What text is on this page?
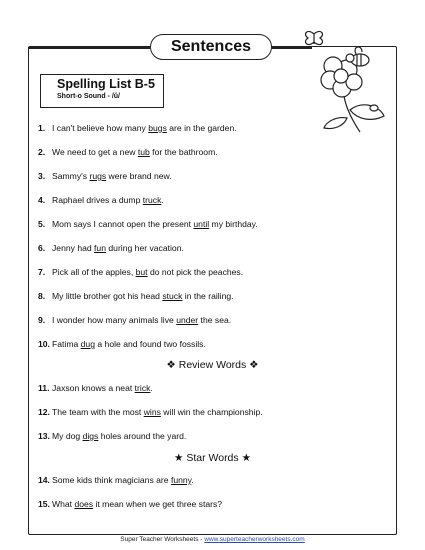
Sentences
Spelling List B-5
Short-o Sound - /ŭ/
1. I can't believe how many bugs are in the garden.
2. We need to get a new tub for the bathroom.
3. Sammy's rugs were brand new.
4. Raphael drives a dump truck.
5. Mom says I cannot open the present until my birthday.
6. Jenny had fun during her vacation.
7. Pick all of the apples, but do not pick the peaches.
8. My little brother got his head stuck in the railing.
9. I wonder how many animals live under the sea.
10. Fatima dug a hole and found two fossils.
11. Jaxson knows a neat trick.
12. The team with the most wins will win the championship.
13. My dog digs holes around the yard.
14. Some kids think magicians are funny.
15. What does it mean when we get three stars?
❖ Review Words ❖
★ Star Words ★
Super Teacher Worksheets - www.superteacherworksheets.com
